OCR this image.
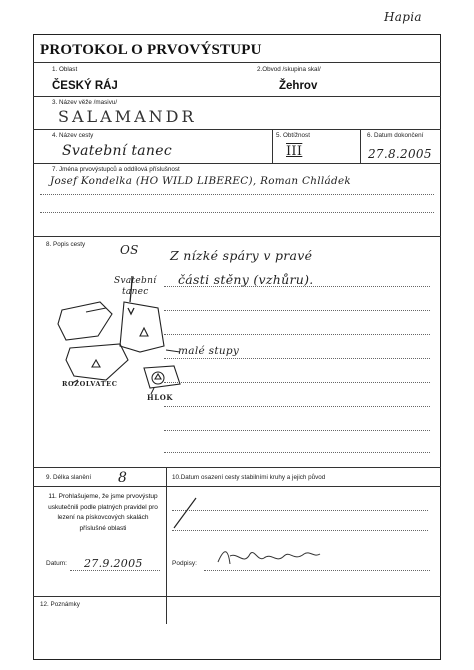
Hapia
PROTOKOL O PRVOVÝSTUPU
1. Oblast	2.Obvod /skupina skal/
ČESKÝ RÁJ	Žehrov
3. Název věže /masivu/
SALAMANDR
4. Název cesty	5. Obtížnost	6. Datum dokončení
Svatební tanec	III	27.8.2005
7. Jména prvovýstupců a oddílová příslušnost
Josef Kondelka (HO WILD LIBEREC), Roman Chlládek
8. Popis cesty	OS	Z nízké spáry v pravé
části stěny (vzhůru).
Svatební
tanec
malé stupy
ROZOLVATEC
HLOK
9. Délka slanění 8	10.Datum osazení cesty stabilními kruhy a jejich původ
11. Prohlašujeme, že jsme prvovýstup uskutečnili podle platných pravidel pro lezení na pískovcových skalách příslušné oblasti
Datum: 27.9.2005	Podpisy:
12. Poznámky
